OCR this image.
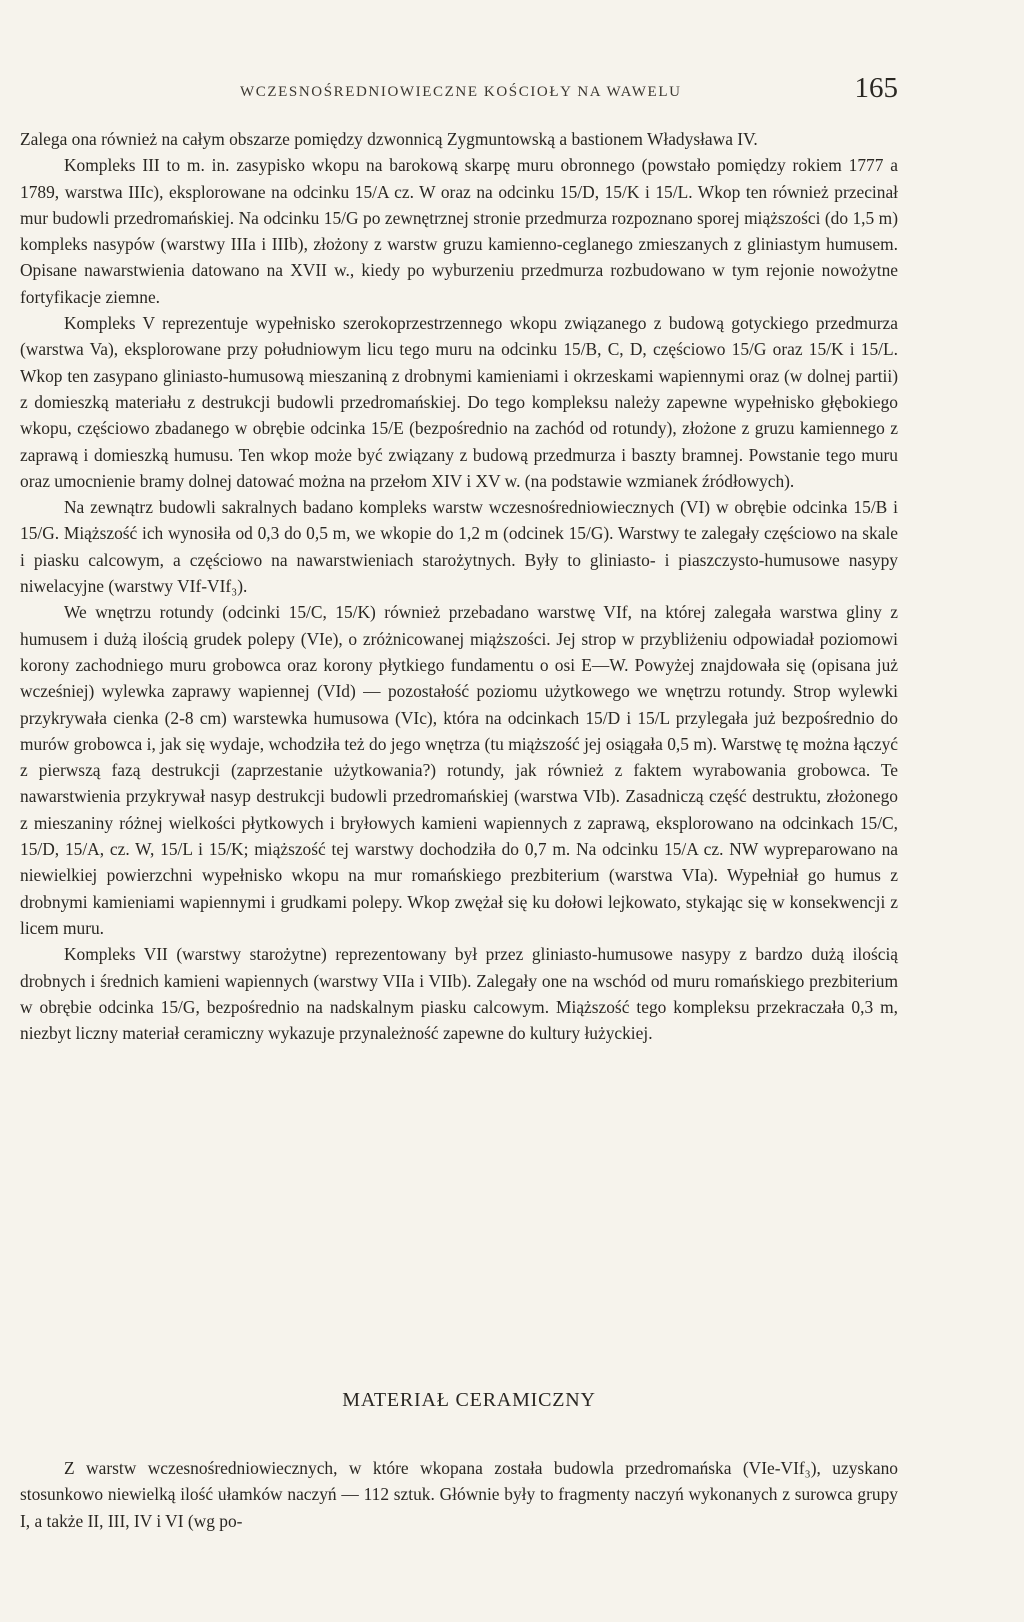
WCZESNOŚREDNIOWIECZNE KOŚCIOŁY NA WAWELU	165

Zalega ona również na całym obszarze pomiędzy dzwonnicą Zygmuntowską a bastionem Władysława IV.

Kompleks III to m. in. zasypisko wkopu na barokową skarpę muru obronnego (powstało pomiędzy rokiem 1777 a 1789, warstwa IIIc), eksplorowane na odcinku 15/A cz. W oraz na odcinku 15/D, 15/K i 15/L. Wkop ten również przecinał mur budowli przedromańskiej. Na odcinku 15/G po zewnętrznej stronie przedmurza rozpoznano sporej miąższości (do 1,5 m) kompleks nasypów (warstwy IIIa i IIIb), złożony z warstw gruzu kamienno-ceglanego zmieszanych z gliniastym humusem. Opisane nawarstwienia datowano na XVII w., kiedy po wyburzeniu przedmurza rozbudowano w tym rejonie nowożytne fortyfikacje ziemne.

Kompleks V reprezentuje wypełnisko szerokoprzestrzennego wkopu związanego z budową gotyckiego przedmurza (warstwa Va), eksplorowane przy południowym licu tego muru na odcinku 15/B, C, D, częściowo 15/G oraz 15/K i 15/L. Wkop ten zasypano gliniasto-humusową mieszaniną z drobnymi kamieniami i okrzeskami wapiennymi oraz (w dolnej partii) z domieszką materiału z destrukcji budowli przedromańskiej. Do tego kompleksu należy zapewne wypełnisko głębokiego wkopu, częściowo zbadanego w obrębie odcinka 15/E (bezpośrednio na zachód od rotundy), złożone z gruzu kamiennego z zaprawą i domieszką humusu. Ten wkop może być związany z budową przedmurza i baszty bramnej. Powstanie tego muru oraz umocnienie bramy dolnej datować można na przełom XIV i XV w. (na podstawie wzmianek źródłowych).

Na zewnątrz budowli sakralnych badano kompleks warstw wczesnośredniowiecznych (VI) w obrębie odcinka 15/B i 15/G. Miąższość ich wynosiła od 0,3 do 0,5 m, we wkopie do 1,2 m (odcinek 15/G). Warstwy te zalegały częściowo na skale i piasku calcowym, a częściowo na nawarstwieniach starożytnych. Były to gliniasto- i piaszczysto-humusowe nasypy niwelacyjne (warstwy VIf-VIf₃).

We wnętrzu rotundy (odcinki 15/C, 15/K) również przebadano warstwę VIf, na której zalegała warstwa gliny z humusem i dużą ilością grudek polepy (VIe), o zróżnicowanej miąższości. Jej strop w przybliżeniu odpowiadał poziomowi korony zachodniego muru grobowca oraz korony płytkiego fundamentu o osi E—W. Powyżej znajdowała się (opisana już wcześniej) wylewka zaprawy wapiennej (VId) — pozostałość poziomu użytkowego we wnętrzu rotundy. Strop wylewki przykrywała cienka (2-8 cm) warstewka humusowa (VIc), która na odcinkach 15/D i 15/L przylegała już bezpośrednio do murów grobowca i, jak się wydaje, wchodziła też do jego wnętrza (tu miąższość jej osiągała 0,5 m). Warstwę tę można łączyć z pierwszą fazą destrukcji (zaprzestanie użytkowania?) rotundy, jak również z faktem wyrabowania grobowca. Te nawarstwienia przykrywał nasyp destrukcji budowli przedromańskiej (warstwa VIb). Zasadniczą część destruktu, złożonego z mieszaniny różnej wielkości płytkowych i bryłowych kamieni wapiennych z zaprawą, eksplorowano na odcinkach 15/C, 15/D, 15/A, cz. W, 15/L i 15/K; miąższość tej warstwy dochodziła do 0,7 m. Na odcinku 15/A cz. NW wypreparowano na niewielkiej powierzchni wypełnisko wkopu na mur romańskiego prezbiterium (warstwa VIa). Wypełniał go humus z drobnymi kamieniami wapiennymi i grudkami polepy. Wkop zwężał się ku dołowi lejkowato, stykając się w konsekwencji z licem muru.

Kompleks VII (warstwy starożytne) reprezentowany był przez gliniasto-humusowe nasypy z bardzo dużą ilością drobnych i średnich kamieni wapiennych (warstwy VIIa i VIIb). Zalegały one na wschód od muru romańskiego prezbiterium w obrębie odcinka 15/G, bezpośrednio na nadskalnym piasku calcowym. Miąższość tego kompleksu przekraczała 0,3 m, niezbyt liczny materiał ceramiczny wykazuje przynależność zapewne do kultury łużyckiej.

MATERIAŁ CERAMICZNY

Z warstw wczesnośredniowiecznych, w które wkopana została budowla przedromańska (VIe-VIf₃), uzyskano stosunkowo niewielką ilość ułamków naczyń — 112 sztuk. Głównie były to fragmenty naczyń wykonanych z surowca grupy I, a także II, III, IV i VI (wg po-
